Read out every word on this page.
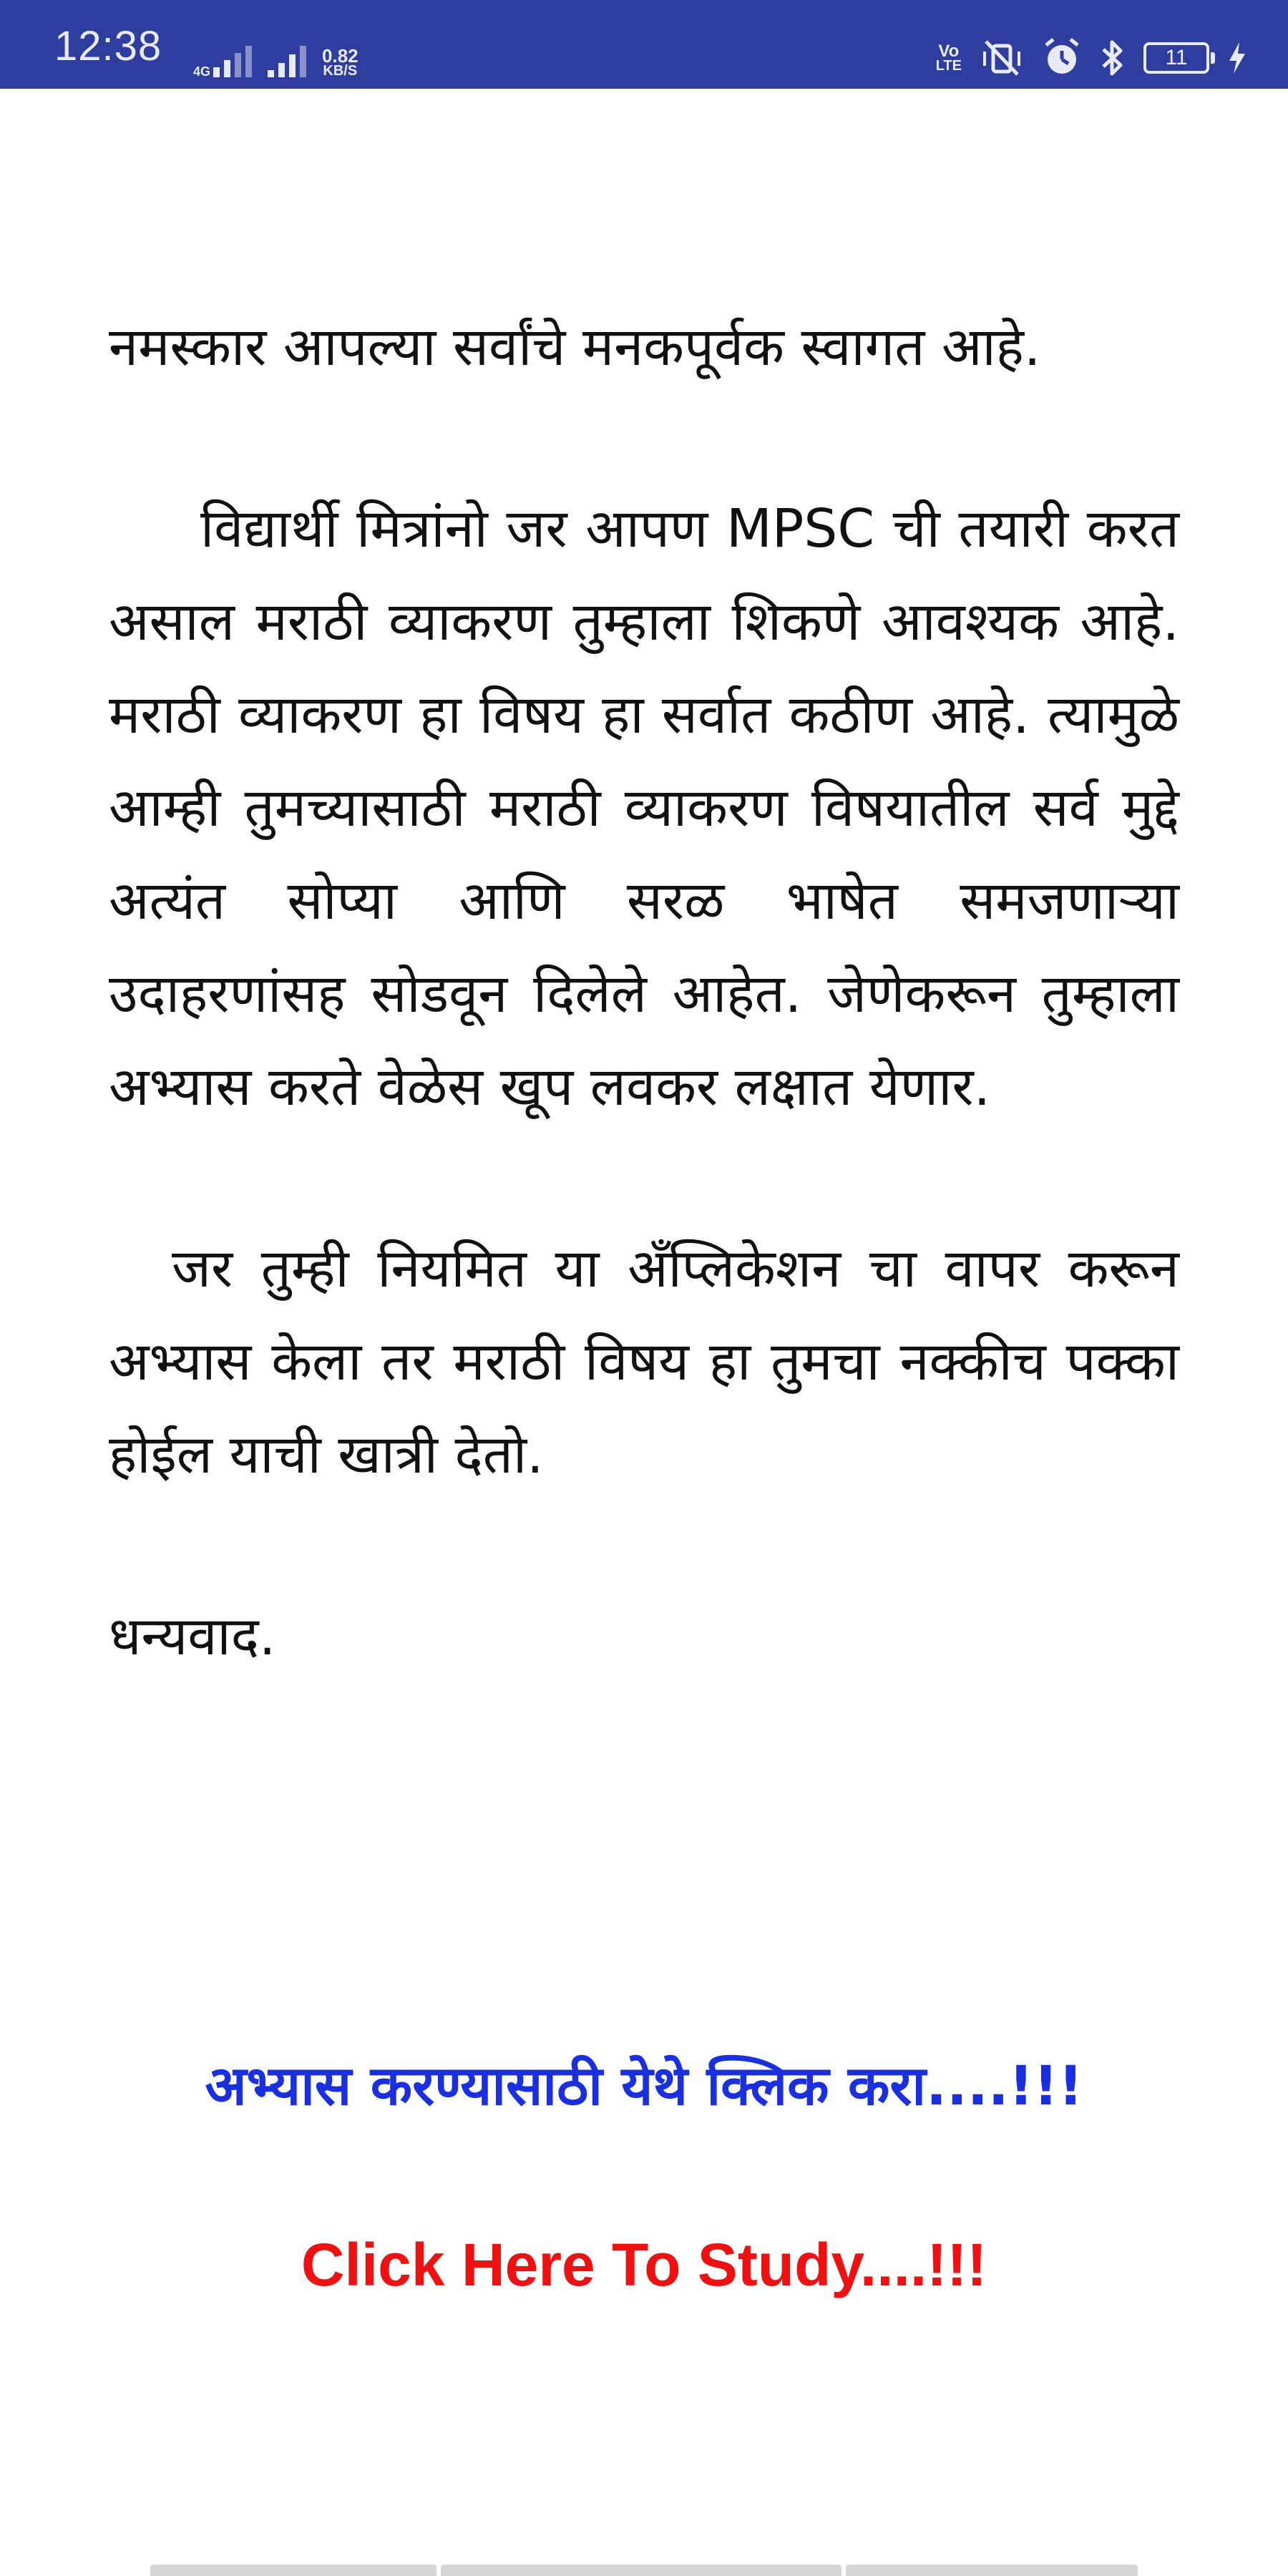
12:38
4G
0.82
KB/S
Vo
LTE	11

नमस्कार आपल्या सर्वांचे मनकपूर्वक स्वागत आहे.

विद्यार्थी मित्रांनो जर आपण MPSC ची तयारी करत असाल मराठी व्याकरण तुम्हाला शिकणे आवश्यक आहे. मराठी व्याकरण हा विषय हा सर्वात कठीण आहे. त्यामुळे आम्ही तुमच्यासाठी मराठी व्याकरण विषयातील सर्व मुद्दे अत्यंत सोप्या आणि सरळ भाषेत समजणाऱ्या उदाहरणांसह सोडवून दिलेले आहेत. जेणेकरून तुम्हाला अभ्यास करते वेळेस खूप लवकर लक्षात येणार.

जर तुम्ही नियमित या अँप्लिकेशन चा वापर करून अभ्यास केला तर मराठी विषय हा तुमचा नक्कीच पक्का होईल याची खात्री देतो.

धन्यवाद.

अभ्यास करण्यासाठी येथे क्लिक करा....!!!
Click Here To Study....!!!
